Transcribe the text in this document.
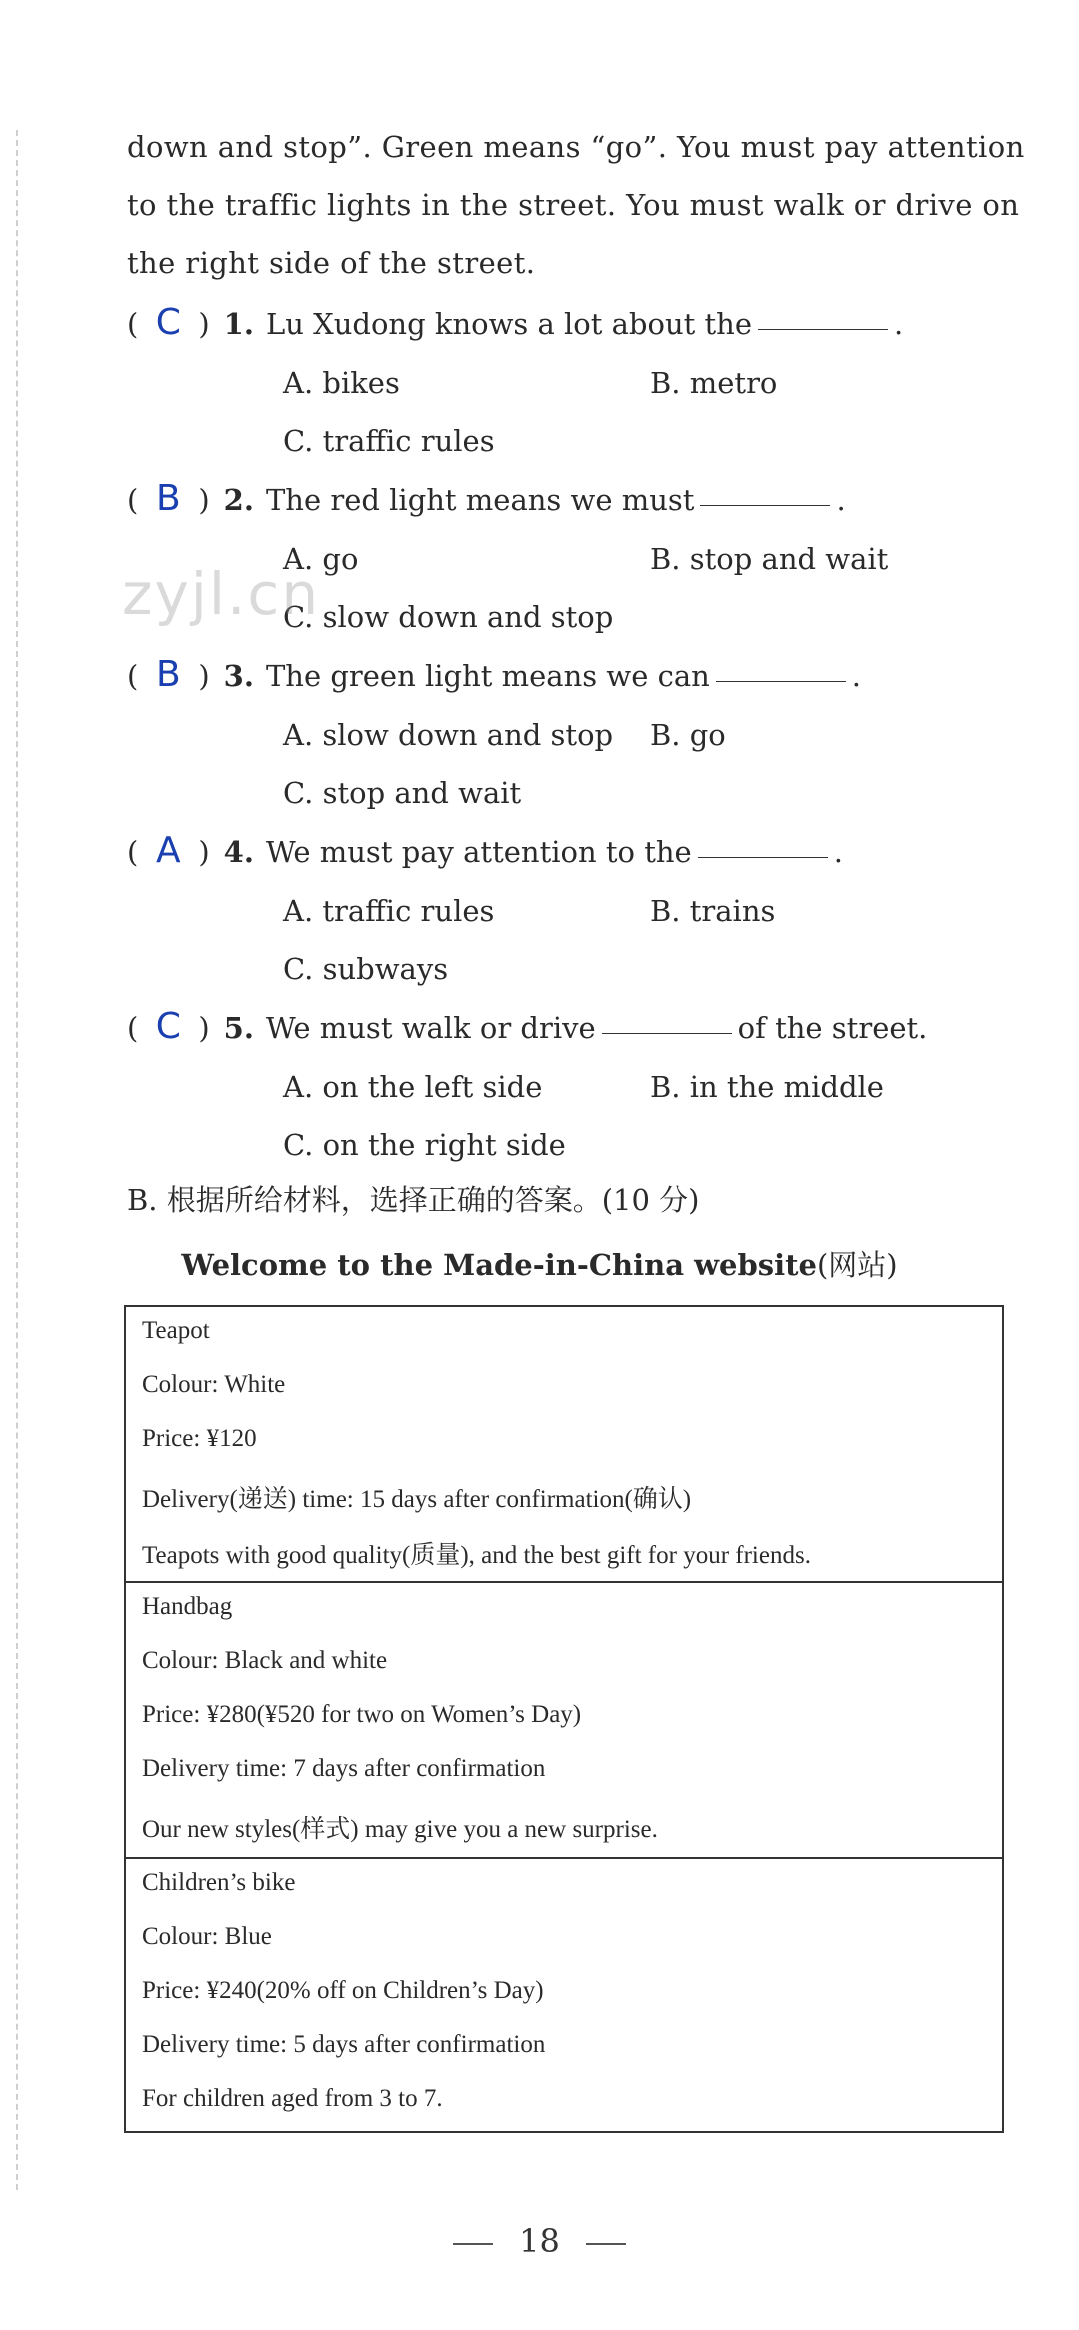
down and stop”. Green means “go”. You must pay attention
to the traffic lights in the street. You must walk or drive on
the right side of the street.
( C ) 1. Lu Xudong knows a lot about the	.
A. bikes	B. metro
C. traffic rules
( B ) 2. The red light means we must	.
A. go	B. stop and wait
C. slow down and stop
zyjl.cn
( B ) 3. The green light means we can	.
A. slow down and stop B. go
C. stop and wait
( A ) 4. We must pay attention to the	.
A. traffic rules	B. trains
C. subways
( C ) 5. We must walk or drive	of the street.
A. on the left side	B. in the middle
C. on the right side
B. 根据所给材料，选择正确的答案。(10 分)
Welcome to the Made-in-China website(网站)
Teapot
Colour: White
Price: ¥120
Delivery(递送) time: 15 days after confirmation(确认)
Teapots with good quality(质量), and the best gift for your friends.
Handbag
Colour: Black and white
Price: ¥280(¥520 for two on Women’s Day)
Delivery time: 7 days after confirmation
Our new styles(样式) may give you a new surprise.
Children’s bike
Colour: Blue
Price: ¥240(20% off on Children’s Day)
Delivery time: 5 days after confirmation
For children aged from 3 to 7.
18
